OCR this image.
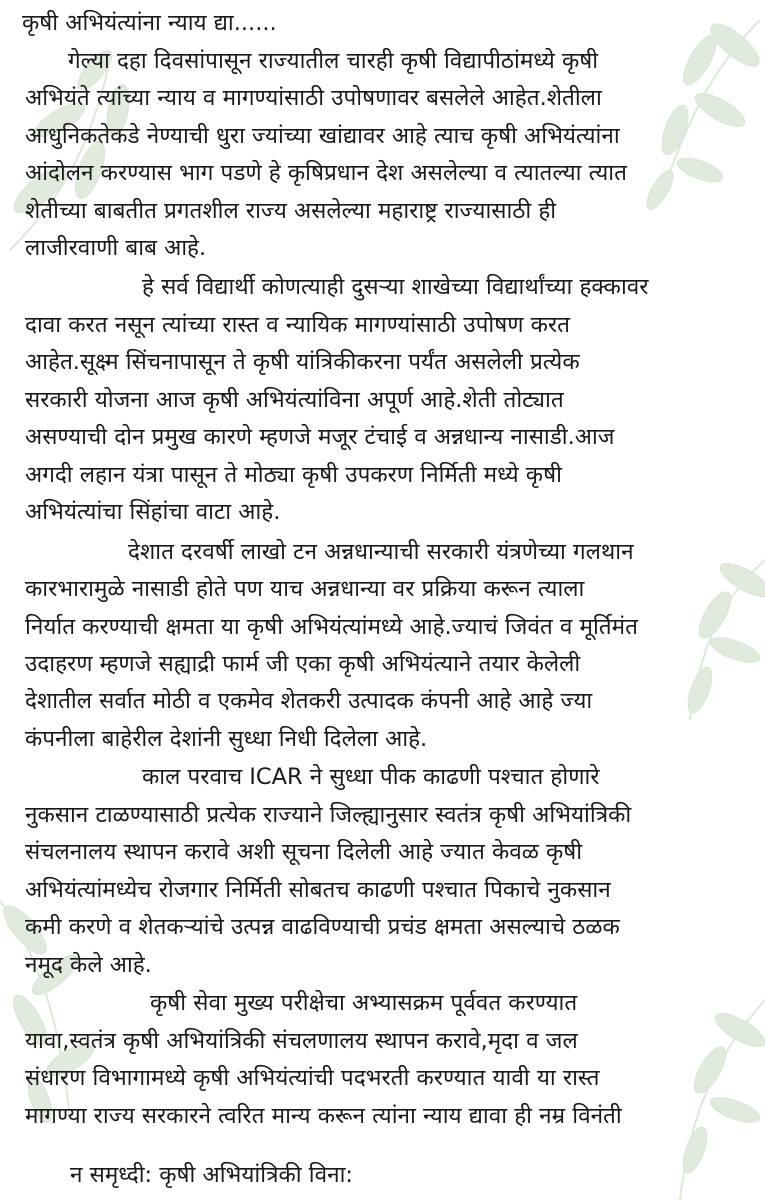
कृषी अभियंत्यांना न्याय द्या......
गेल्या दहा दिवसांपासून राज्यातील चारही कृषी विद्यापीठांमध्ये कृषी
अभियंते त्यांच्या न्याय व मागण्यांसाठी उपोषणावर बसलेले आहेत.शेतीला
आधुनिकतेकडे नेण्याची धुरा ज्यांच्या खांद्यावर आहे त्याच कृषी अभियंत्यांना
आंदोलन करण्यास भाग पडणे हे कृषिप्रधान देश असलेल्या व त्यातल्या त्यात
शेतीच्या बाबतीत प्रगतशील राज्य असलेल्या महाराष्ट्र राज्यासाठी ही
लाजीरवाणी बाब आहे.
हे सर्व विद्यार्थी कोणत्याही दुसऱ्या शाखेच्या विद्यार्थांच्या हक्कावर
दावा करत नसून त्यांच्या रास्त व न्यायिक मागण्यांसाठी उपोषण करत
आहेत.सूक्ष्म सिंचनापासून ते कृषी यांत्रिकीकरना पर्यंत असलेली प्रत्येक
सरकारी योजना आज कृषी अभियंत्यांविना अपूर्ण आहे.शेती तोट्यात
असण्याची दोन प्रमुख कारणे म्हणजे मजूर टंचाई व अन्नधान्य नासाडी.आज
अगदी लहान यंत्रा पासून ते मोठ्या कृषी उपकरण निर्मिती मध्ये कृषी
अभियंत्यांचा सिंहांचा वाटा आहे.
देशात दरवर्षी लाखो टन अन्नधान्याची सरकारी यंत्रणेच्या गलथान
कारभारामुळे नासाडी होते पण याच अन्नधान्या वर प्रक्रिया करून त्याला
निर्यात करण्याची क्षमता या कृषी अभियंत्यांमध्ये आहे.ज्याचं जिवंत व मूर्तिमंत
उदाहरण म्हणजे सह्याद्री फार्म जी एका कृषी अभियंत्याने तयार केलेली
देशातील सर्वात मोठी व एकमेव शेतकरी उत्पादक कंपनी आहे आहे ज्या
कंपनीला बाहेरील देशांनी सुध्धा निधी दिलेला आहे.
काल परवाच ICAR ने सुध्धा पीक काढणी पश्चात होणारे
नुकसान टाळण्यासाठी प्रत्येक राज्याने जिल्ह्यानुसार स्वतंत्र कृषी अभियांत्रिकी
संचलनालय स्थापन करावे अशी सूचना दिलेली आहे ज्यात केवळ कृषी
अभियंत्यांमध्येच रोजगार निर्मिती सोबतच काढणी पश्चात पिकाचे नुकसान
कमी करणे व शेतकऱ्यांचे उत्पन्न वाढविण्याची प्रचंड क्षमता असल्याचे ठळक
नमूद केले आहे.
कृषी सेवा मुख्य परीक्षेचा अभ्यासक्रम पूर्ववत करण्यात
यावा,स्वतंत्र कृषी अभियांत्रिकी संचलणालय स्थापन करावे,मृदा व जल
संधारण विभागामध्ये कृषी अभियंत्यांची पदभरती करण्यात यावी या रास्त
मागण्या राज्य सरकारने त्वरित मान्य करून त्यांना न्याय द्यावा ही नम्र विनंती
न समृध्दी: कृषी अभियांत्रिकी विना:
